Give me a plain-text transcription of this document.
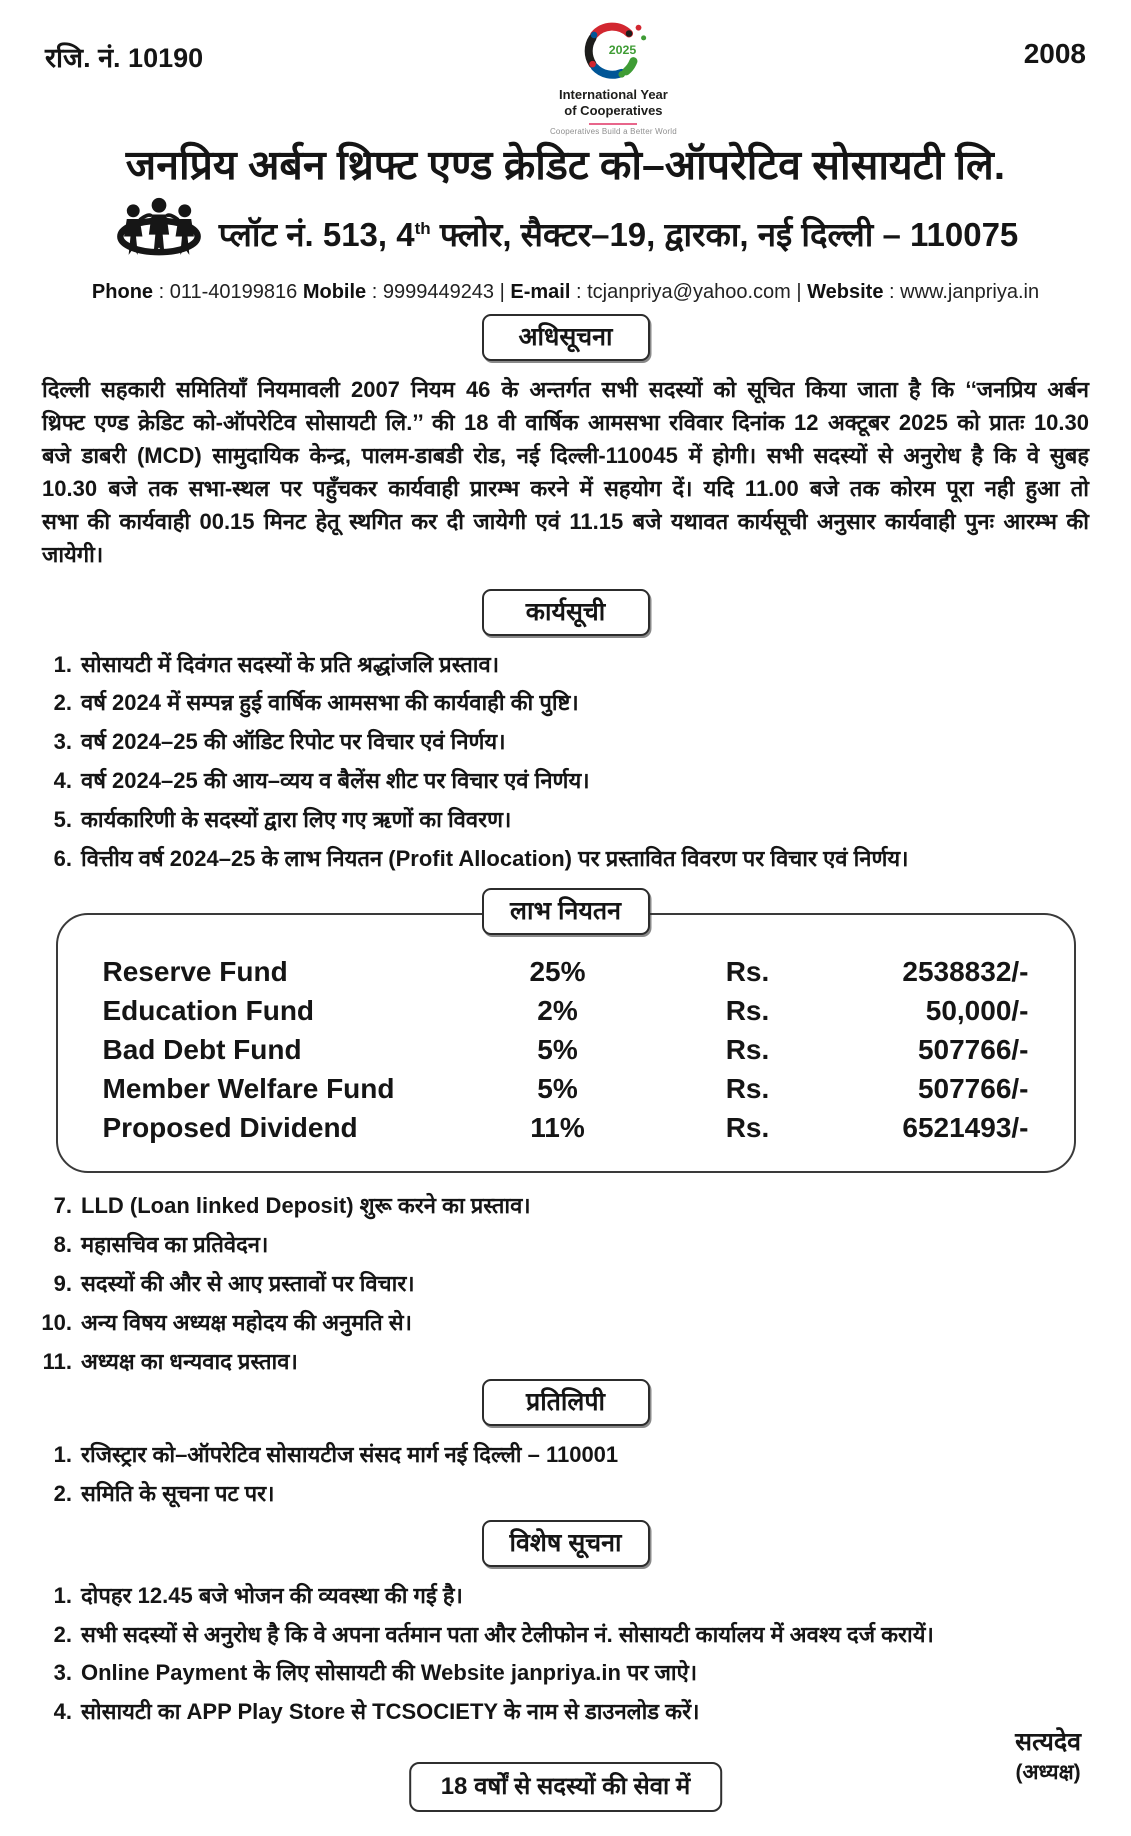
रजि. नं. 10190	2025
International Year
of Cooperatives
Cooperatives Build a Better World
2008
जनप्रिय अर्बन थ्रिफ्ट एण्ड क्रेडिट को–ऑपरेटिव सोसायटी लि.
प्लॉट नं. 513, 4th फ्लोर, सैक्टर–19, द्वारका, नई दिल्ली – 110075
Phone : 011-40199816 Mobile : 9999449243 | E-mail : tcjanpriya@yahoo.com | Website : www.janpriya.in
अधिसूचना
दिल्ली सहकारी समितियाँ नियमावली 2007 नियम 46 के अन्तर्गत सभी सदस्यों को सूचित किया जाता है कि ‘‘जनप्रिय अर्बन थ्रिफ्ट एण्ड क्रेडिट को-ऑपरेटिव सोसायटी लि.’’ की 18 वी वार्षिक आमसभा रविवार दिनांक 12 अक्टूबर 2025 को प्रातः 10.30 बजे डाबरी (MCD) सामुदायिक केन्द्र, पालम-डाबडी रोड, नई दिल्ली-110045 में होगी। सभी सदस्यों से अनुरोध है कि वे सुबह 10.30 बजे तक सभा-स्थल पर पहुँचकर कार्यवाही प्रारम्भ करने में सहयोग दें। यदि 11.00 बजे तक कोरम पूरा नही हुआ तो सभा की कार्यवाही 00.15 मिनट हेतू स्थगित कर दी जायेगी एवं 11.15 बजे यथावत कार्यसूची अनुसार कार्यवाही पुनः आरम्भ की जायेगी।
कार्यसूची
1. सोसायटी में दिवंगत सदस्यों के प्रति श्रद्धांजलि प्रस्ताव।
2. वर्ष 2024 में सम्पन्न हुई वार्षिक आमसभा की कार्यवाही की पुष्टि।
3. वर्ष 2024–25 की ऑडिट रिपोट पर विचार एवं निर्णय।
4. वर्ष 2024–25 की आय–व्यय व बैलेंस शीट पर विचार एवं निर्णय।
5. कार्यकारिणी के सदस्यों द्वारा लिए गए ऋणों का विवरण।
6. वित्तीय वर्ष 2024–25 के लाभ नियतन (Profit Allocation) पर प्रस्तावित विवरण पर विचार एवं निर्णय।
लाभ नियतन
Reserve Fund	25%	Rs.	2538832/-
Education Fund	2%	Rs.	50,000/-
Bad Debt Fund	5%	Rs.	507766/-
Member Welfare Fund	5%	Rs.	507766/-
Proposed Dividend	11%	Rs.	6521493/-
7. LLD (Loan linked Deposit) शुरू करने का प्रस्ताव।
8. महासचिव का प्रतिवेदन।
9. सदस्यों की और से आए प्रस्तावों पर विचार।
10. अन्य विषय अध्यक्ष महोदय की अनुमति से।
11. अध्यक्ष का धन्यवाद प्रस्ताव।
प्रतिलिपी
1. रजिस्ट्रार को–ऑपरेटिव सोसायटीज संसद मार्ग नई दिल्ली – 110001
2. समिति के सूचना पट पर।
विशेष सूचना
1. दोपहर 12.45 बजे भोजन की व्यवस्था की गई है।
2. सभी सदस्यों से अनुरोध है कि वे अपना वर्तमान पता और टेलीफोन नं. सोसायटी कार्यालय में अवश्य दर्ज करायें।
3. Online Payment के लिए सोसायटी की Website janpriya.in पर जाऐ।
4. सोसायटी का APP Play Store से TCSOCIETY के नाम से डाउनलोड करें।
18 वर्षों से सदस्यों की सेवा में
सत्यदेव
(अध्यक्ष)
